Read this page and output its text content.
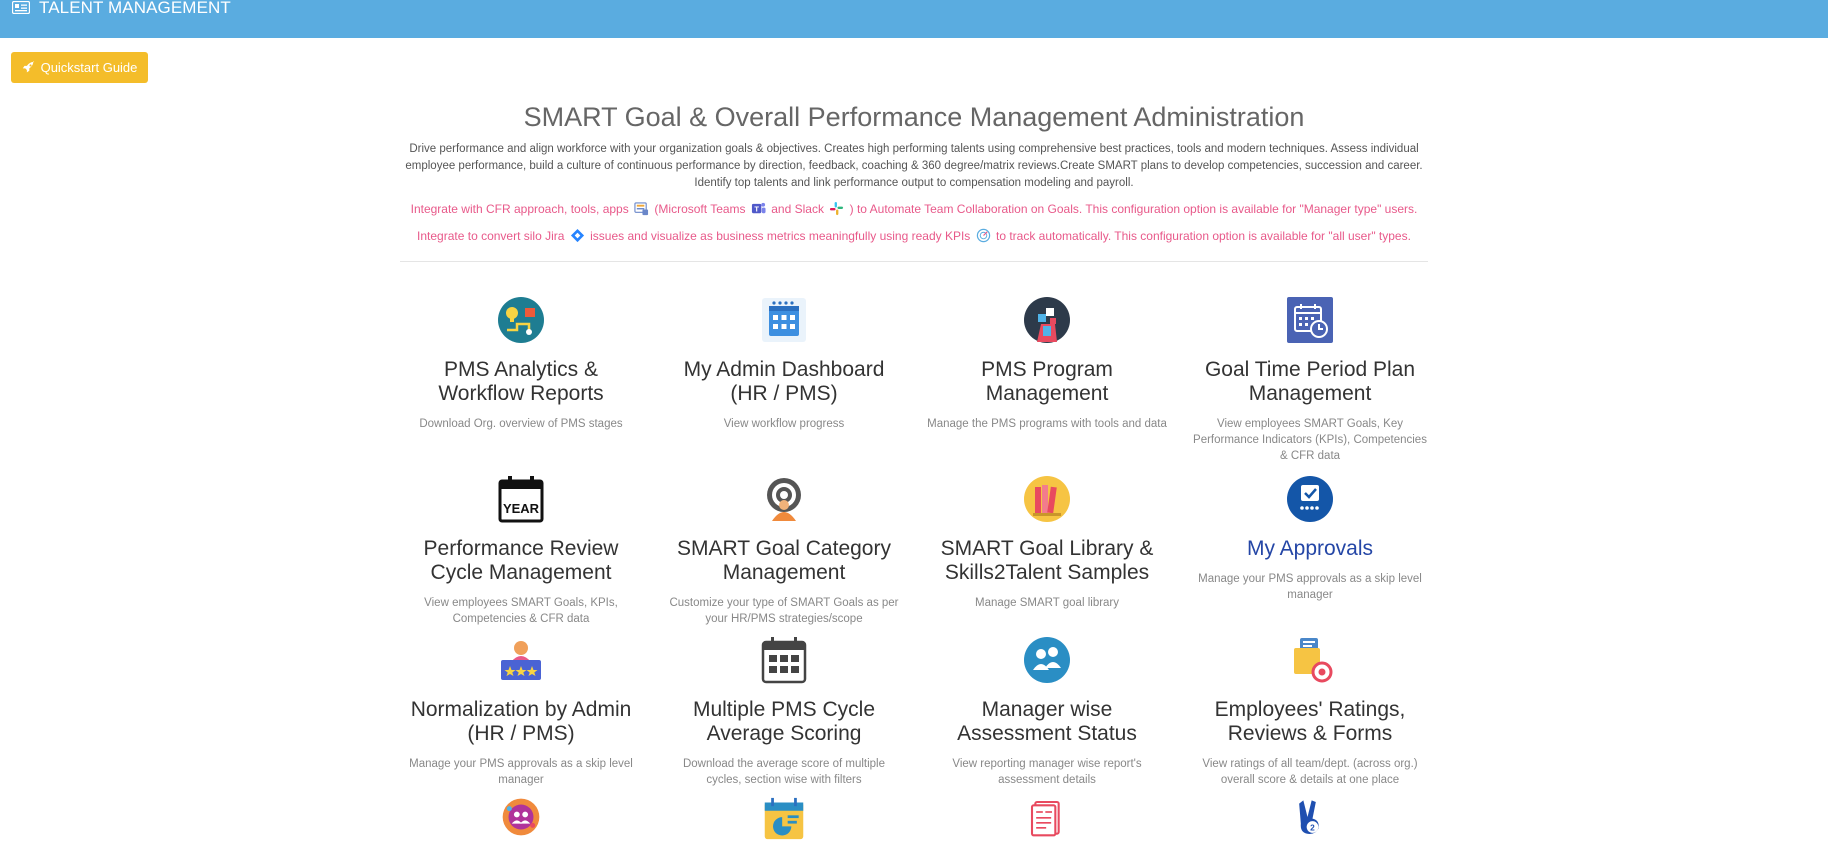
TALENT MANAGEMENT
Quickstart Guide
SMART Goal & Overall Performance Management Administration
Drive performance and align workforce with your organization goals & objectives. Creates high performing talents using comprehensive best practices, tools and modern techniques. Assess individual employee performance, build a culture of continuous performance by direction, feedback, coaching & 360 degree/matrix reviews.Create SMART plans to develop competencies, succession and career. Identify top talents and link performance output to compensation modeling and payroll.
Integrate with CFR approach, tools, apps (Microsoft Teams T and Slack ) to Automate Team Collaboration on Goals. This configuration option is available for "Manager type" users.
Integrate to convert silo Jira issues and visualize as business metrics meaningfully using ready KPIs to track automatically. This configuration option is available for "all user" types.
PMS Analytics & Workflow Reports
Download Org. overview of PMS stages
My Admin Dashboard (HR / PMS)
View workflow progress
PMS Program Management
Manage the PMS programs with tools and data
Goal Time Period Plan Management
View employees SMART Goals, Key Performance Indicators (KPIs), Competencies & CFR data
YEAR
Performance Review Cycle Management
View employees SMART Goals, KPIs, Competencies & CFR data
SMART Goal Category Management
Customize your type of SMART Goals as per your HR/PMS strategies/scope
SMART Goal Library & Skills2Talent Samples
Manage SMART goal library
My Approvals
Manage your PMS approvals as a skip level manager
Normalization by Admin (HR / PMS)
Manage your PMS approvals as a skip level manager
Multiple PMS Cycle Average Scoring
Download the average score of multiple cycles, section wise with filters
Manager wise Assessment Status
View reporting manager wise report's assessment details
Employees' Ratings, Reviews & Forms
View ratings of all team/dept. (across org.) overall score & details at one place
2
